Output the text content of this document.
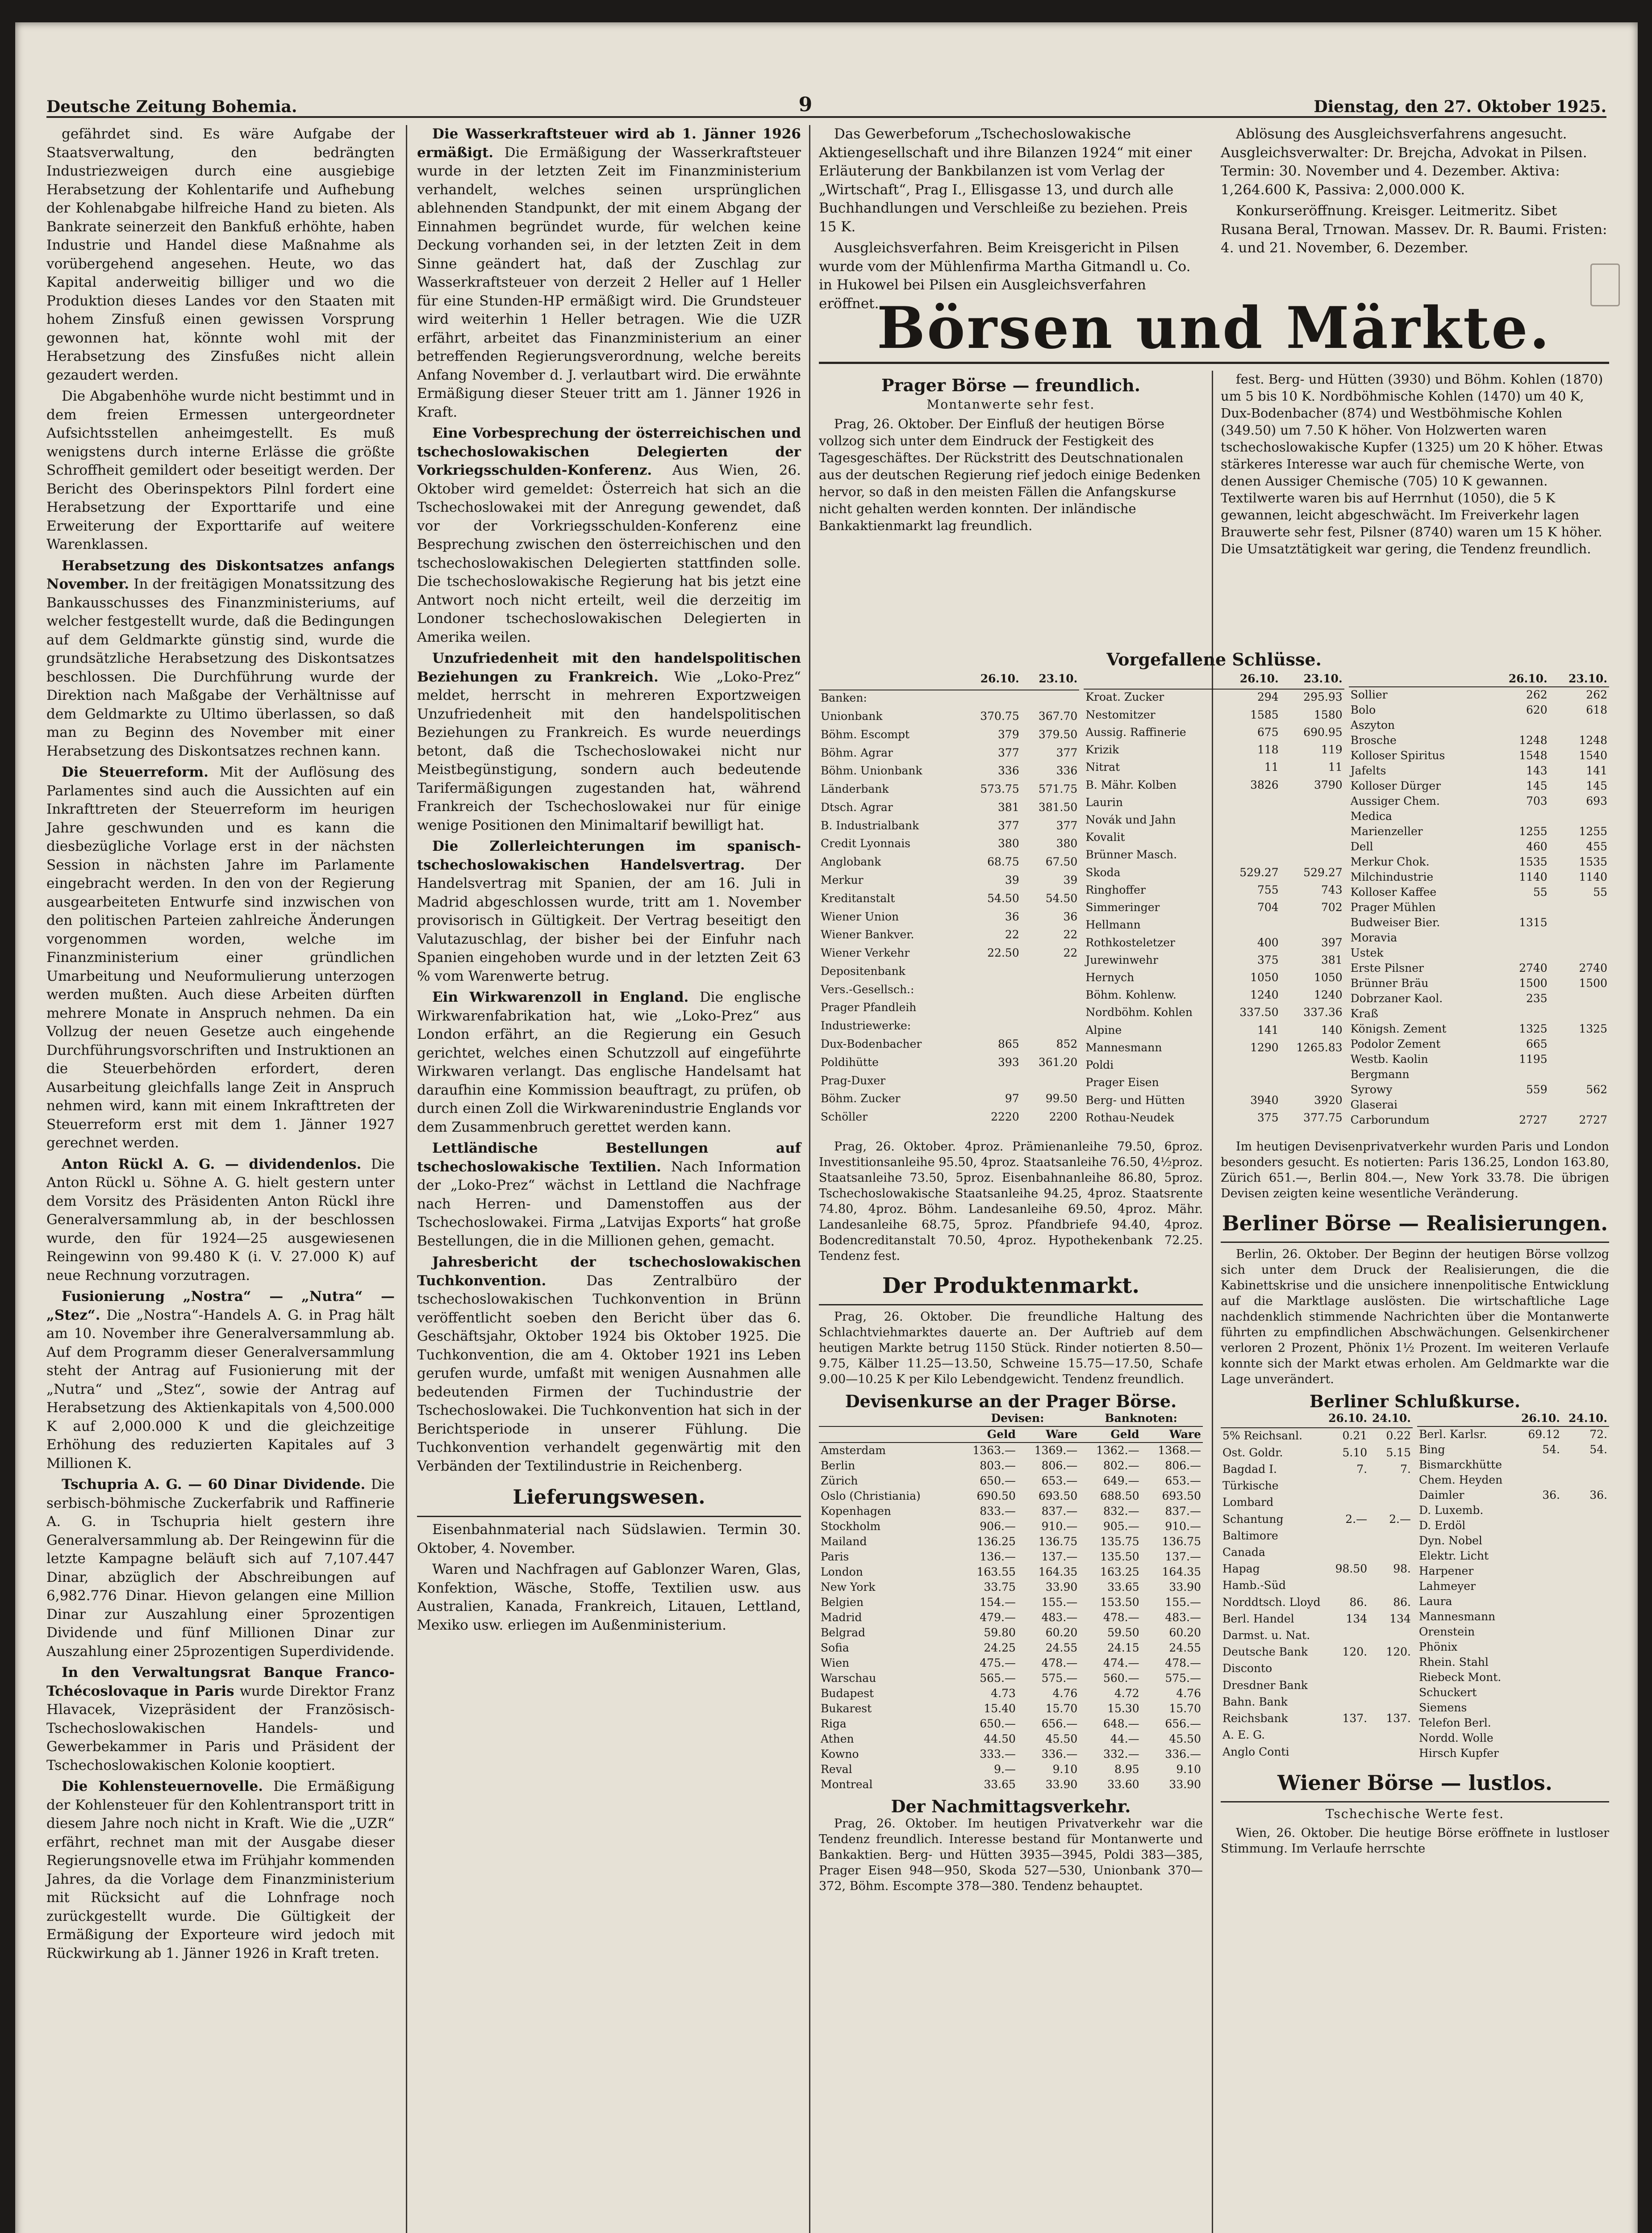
Deutsche Zeitung Bohemia.	9	Dienstag, den 27. Oktober 1925.

gefährdet sind. Es wäre Aufgabe der Staatsverwaltung, den bedrängten Industriezweigen durch eine ausgiebige Herabsetzung der Kohlentarife und Aufhebung der Kohlenabgabe hilfreiche Hand zu bieten. Als Bankrate seinerzeit den Bankfuß erhöhte, haben Industrie und Handel diese Maßnahme als vorübergehend angesehen. Heute, wo das Kapital anderweitig billiger und wo die Produktion dieses Landes vor den Staaten mit hohem Zinsfuß einen gewissen Vorsprung gewonnen hat, könnte wohl mit der Herabsetzung des Zinsfußes nicht allein gezaudert werden.

Die Abgabenhöhe wurde nicht bestimmt und in dem freien Ermessen untergeordneter Aufsichtsstellen anheimgestellt. Es muß wenigstens durch interne Erlässe die größte Schroffheit gemildert oder beseitigt werden. Der Bericht des Oberinspektors Pilnl fordert eine Herabsetzung der Exporttarife und eine Erweiterung der Exporttarife auf weitere Warenklassen.

Herabsetzung des Diskontsatzes anfangs November. In der freitägigen Monatssitzung des Bankausschusses des Finanzministeriums, auf welcher festgestellt wurde, daß die Bedingungen auf dem Geldmarkte günstig sind, wurde die grundsätzliche Herabsetzung des Diskontsatzes beschlossen. Die Durchführung wurde der Direktion nach Maßgabe der Verhältnisse auf dem Geldmarkte zu Ultimo überlassen, so daß man zu Beginn des November mit einer Herabsetzung des Diskontsatzes rechnen kann.

Die Steuerreform. Mit der Auflösung des Parlamentes sind auch die Aussichten auf ein Inkrafttreten der Steuerreform im heurigen Jahre geschwunden und es kann die diesbezügliche Vorlage erst in der nächsten Session in nächsten Jahre im Parlamente eingebracht werden. In den von der Regierung ausgearbeiteten Entwurfe sind inzwischen von den politischen Parteien zahlreiche Änderungen vorgenommen worden, welche im Finanzministerium einer gründlichen Umarbeitung und Neuformulierung unterzogen werden mußten. Auch diese Arbeiten dürften mehrere Monate in Anspruch nehmen. Da ein Vollzug der neuen Gesetze auch eingehende Durchführungsvorschriften und Instruktionen an die Steuerbehörden erfordert, deren Ausarbeitung gleichfalls lange Zeit in Anspruch nehmen wird, kann mit einem Inkrafttreten der Steuerreform erst mit dem 1. Jänner 1927 gerechnet werden.

Anton Rückl A. G. — dividendenlos. Die Anton Rückl u. Söhne A. G. hielt gestern unter dem Vorsitz des Präsidenten Anton Rückl ihre Generalversammlung ab, in der beschlossen wurde, den für 1924—25 ausgewiesenen Reingewinn von 99.480 K (i. V. 27.000 K) auf neue Rechnung vorzutragen.

Fusionierung „Nostra“ — „Nutra“ — „Stez“. Die „Nostra“-Handels A. G. in Prag hält am 10. November ihre Generalversammlung ab. Auf dem Programm dieser Generalversammlung steht der Antrag auf Fusionierung mit der „Nutra“ und „Stez“, sowie der Antrag auf Herabsetzung des Aktienkapitals von 4,500.000 K auf 2,000.000 K und die gleichzeitige Erhöhung des reduzierten Kapitales auf 3 Millionen K.

Tschupria A. G. — 60 Dinar Dividende. Die serbisch-böhmische Zuckerfabrik und Raffinerie A. G. in Tschupria hielt gestern ihre Generalversammlung ab. Der Reingewinn für die letzte Kampagne beläuft sich auf 7,107.447 Dinar, abzüglich der Abschreibungen auf 6,982.776 Dinar. Hievon gelangen eine Million Dinar zur Auszahlung einer 5prozentigen Dividende und fünf Millionen Dinar zur Auszahlung einer 25prozentigen Superdividende.

In den Verwaltungsrat Banque Franco-Tchécoslovaque in Paris wurde Direktor Franz Hlavacek, Vizepräsident der Französisch-Tschechoslowakischen Handels- und Gewerbekammer in Paris und Präsident der Tschechoslowakischen Kolonie kooptiert.

Die Kohlensteuernovelle. Die Ermäßigung der Kohlensteuer für den Kohlentransport tritt in diesem Jahre noch nicht in Kraft. Wie die „UZR“ erfährt, rechnet man mit der Ausgabe dieser Regierungsnovelle etwa im Frühjahr kommenden Jahres, da die Vorlage dem Finanzministerium mit Rücksicht auf die Lohnfrage noch zurückgestellt wurde. Die Gültigkeit der Ermäßigung der Exporteure wird jedoch mit Rückwirkung ab 1. Jänner 1926 in Kraft treten.

Die Wasserkraftsteuer wird ab 1. Jänner 1926 ermäßigt. Die Ermäßigung der Wasserkraftsteuer wurde in der letzten Zeit im Finanzministerium verhandelt, welches seinen ursprünglichen ablehnenden Standpunkt, der mit einem Abgang der Einnahmen begründet wurde, für welchen keine Deckung vorhanden sei, in der letzten Zeit in dem Sinne geändert hat, daß der Zuschlag zur Wasserkraftsteuer von derzeit 2 Heller auf 1 Heller für eine Stunden-HP ermäßigt wird. Die Grundsteuer wird weiterhin 1 Heller betragen. Wie die UZR erfährt, arbeitet das Finanzministerium an einer betreffenden Regierungsverordnung, welche bereits Anfang November d. J. verlautbart wird. Die erwähnte Ermäßigung dieser Steuer tritt am 1. Jänner 1926 in Kraft.

Eine Vorbesprechung der österreichischen und tschechoslowakischen Delegierten der Vorkriegsschulden-Konferenz. Aus Wien, 26. Oktober wird gemeldet: Österreich hat sich an die Tschechoslowakei mit der Anregung gewendet, daß vor der Vorkriegsschulden-Konferenz eine Besprechung zwischen den österreichischen und den tschechoslowakischen Delegierten stattfinden solle. Die tschechoslowakische Regierung hat bis jetzt eine Antwort noch nicht erteilt, weil die derzeitig im Londoner tschechoslowakischen Delegierten in Amerika weilen.

Unzufriedenheit mit den handelspolitischen Beziehungen zu Frankreich. Wie „Loko-Prez“ meldet, herrscht in mehreren Exportzweigen Unzufriedenheit mit den handelspolitischen Beziehungen zu Frankreich. Es wurde neuerdings betont, daß die Tschechoslowakei nicht nur Meistbegünstigung, sondern auch bedeutende Tarifermäßigungen zugestanden hat, während Frankreich der Tschechoslowakei nur für einige wenige Positionen den Minimaltarif bewilligt hat.

Die Zollerleichterungen im spanisch-tschechoslowakischen Handelsvertrag. Der Handelsvertrag mit Spanien, der am 16. Juli in Madrid abgeschlossen wurde, tritt am 1. November provisorisch in Gültigkeit. Der Vertrag beseitigt den Valutazuschlag, der bisher bei der Einfuhr nach Spanien eingehoben wurde und in der letzten Zeit 63 % vom Warenwerte betrug.

Ein Wirkwarenzoll in England. Die englische Wirkwarenfabrikation hat, wie „Loko-Prez“ aus London erfährt, an die Regierung ein Gesuch gerichtet, welches einen Schutzzoll auf eingeführte Wirkwaren verlangt. Das englische Handelsamt hat daraufhin eine Kommission beauftragt, zu prüfen, ob durch einen Zoll die Wirkwarenindustrie Englands vor dem Zusammenbruch gerettet werden kann.

Lettländische Bestellungen auf tschechoslowakische Textilien. Nach Information der „Loko-Prez“ wächst in Lettland die Nachfrage nach Herren- und Damenstoffen aus der Tschechoslowakei. Firma „Latvijas Exports“ hat große Bestellungen, die in die Millionen gehen, gemacht.

Jahresbericht der tschechoslowakischen Tuchkonvention.	Das Zentralbüro der tschechoslowakischen Tuchkonvention in Brünn veröffentlicht soeben den Bericht über das 6. Geschäftsjahr, Oktober 1924 bis Oktober 1925. Die Tuchkonvention, die am 4. Oktober 1921 ins Leben gerufen wurde, umfaßt mit wenigen Ausnahmen alle bedeutenden Firmen der Tuchindustrie der Tschechoslowakei. Die Tuchkonvention hat sich in der Berichtsperiode in unserer Fühlung. Die Tuchkonvention verhandelt gegenwärtig mit den Verbänden der Textilindustrie in Reichenberg.

Lieferungswesen.

Eisenbahnmaterial nach Südslawien. Termin 30. Oktober, 4. November.

Waren und Nachfragen auf Gablonzer Waren, Glas, Konfektion, Wäsche, Stoffe, Textilien usw. aus Australien, Kanada, Frankreich, Litauen, Lettland, Mexiko usw. erliegen im Außenministerium.

Das Gewerbeforum „Tschechoslowakische Aktiengesellschaft und ihre Bilanzen 1924“ mit einer Erläuterung der Bankbilanzen ist vom Verlag der „Wirtschaft“, Prag I., Ellisgasse 13, und durch alle Buchhandlungen und Verschleiße zu beziehen. Preis 15 K.

Ausgleichsverfahren. Beim Kreisgericht in Pilsen wurde vom der Mühlenfirma Martha Gitmandl u. Co. in Hukowel bei Pilsen ein Ausgleichsverfahren eröffnet.

Ablösung des Ausgleichsverfahrens angesucht. Ausgleichsverwalter: Dr. Brejcha, Advokat in Pilsen. Termin: 30. November und 4. Dezember. Aktiva: 1,264.600 K, Passiva: 2,000.000 K.

Konkurseröffnung. Kreisger. Leitmeritz. Sibet Rusana Beral, Trnowan. Massev. Dr. R. Baumi. Fristen: 4. und 21. November, 6. Dezember.

Börsen und Märkte.
Prager Börse — freundlich.
Montanwerte sehr fest.

Prag, 26. Oktober. Der Einfluß der heutigen Börse vollzog sich unter dem Eindruck der Festigkeit des Tagesgeschäftes. Der Rückstritt des Deutschnationalen aus der deutschen Regierung rief jedoch einige Bedenken hervor, so daß in den meisten Fällen die Anfangskurse nicht gehalten werden konnten. Der inländische Bankaktienmarkt lag freundlich.

fest. Berg- und Hütten (3930) und Böhm. Kohlen (1870) um 5 bis 10 K. Nordböhmische Kohlen (1470) um 40 K, Dux-Bodenbacher (874) und Westböhmische Kohlen (349.50) um 7.50 K höher. Von Holzwerten waren tschechoslowakische Kupfer (1325) um 20 K höher. Etwas stärkeres Interesse war auch für chemische Werte, von denen Aussiger Chemische (705) 10 K gewannen. Textilwerte waren bis auf Herrnhut (1050), die 5 K gewannen, leicht abgeschwächt. Im Freiverkehr lagen Brauwerte sehr fest, Pilsner (8740) waren um 15 K höher. Die Umsatztätigkeit war gering, die Tendenz freundlich.

Vorgefallene Schlüsse.
	26.10.	23.10.
Banken:		
Unionbank	370.75	367.70
Böhm. Escompt	379	379.50
Böhm. Agrar	377	377
Böhm. Unionbank	336	336
Länderbank	573.75	571.75
Dtsch. Agrar	381	381.50
B. Industrialbank	377	377
Credit Lyonnais	380	380
Anglobank	68.75	67.50
Merkur	39	39
Kreditanstalt	54.50	54.50
Wiener Union	36	36
Wiener Bankver.	22	22
Wiener Verkehr	22.50	22
Depositenbank		
Vers.-Gesellsch.:		
Prager Pfandleih		
Industriewerke:		
Dux-Bodenbacher	865	852
Poldihütte	393	361.20
Prag-Duxer		
Böhm. Zucker	97	99.50
Schöller	2220	2200
	26.10.	23.10.
Kroat. Zucker	294	295.93
Nestomitzer	1585	1580
Aussig. Raffinerie	675	690.95
Krizik	118	119
Nitrat	11	11
B. Mähr. Kolben	3826	3790
Laurin		
Novák und Jahn		
Kovalit		
Brünner Masch.		
Skoda	529.27	529.27
Ringhoffer	755	743
Simmeringer	704	702
Hellmann		
Rothkosteletzer	400	397
Jurewinwehr	375	381
Hernych	1050	1050
Böhm. Kohlenw.	1240	1240
Nordböhm. Kohlen	337.50	337.36
Alpine	141	140
Mannesmann	1290	1265.83
Poldi		
Prager Eisen		
Berg- und Hütten	3940	3920
Rothau-Neudek	375	377.75
	26.10.	23.10.
Sollier	262	262
Bolo	620	618
Aszyton		
Brosche	1248	1248
Kolloser Spiritus	1548	1540
Jafelts	143	141
Kolloser Dürger	145	145
Aussiger Chem.	703	693
Medica		
Marienzeller	1255	1255
Dell	460	455
Merkur Chok.	1535	1535
Milchindustrie	1140	1140
Kolloser Kaffee	55	55
Prager Mühlen		
Budweiser Bier.	1315	
Moravia		
Ustek		
Erste Pilsner	2740	2740
Brünner Bräu	1500	1500
Dobrzaner Kaol.	235	
Kraß		
Königsh. Zement	1325	1325
Podolor Zement	665	
Westb. Kaolin	1195	
Bergmann		
Syrowy	559	562
Glaserai		
Carborundum	2727	2727

Prag, 26. Oktober. 4proz. Prämienanleihe 79.50, 6proz. Investitionsanleihe 95.50, 4proz. Staatsanleihe 76.50, 4½proz. Staatsanleihe 73.50, 5proz. Eisenbahnanleihe 86.80, 5proz. Tschechoslowakische Staatsanleihe 94.25, 4proz. Staatsrente 74.80, 4proz. Böhm. Landesanleihe 69.50, 4proz. Mähr. Landesanleihe 68.75, 5proz. Pfandbriefe 94.40, 4proz. Bodencreditanstalt 70.50, 4proz. Hypothekenbank 72.25. Tendenz fest.

Der Produktenmarkt.

Prag, 26. Oktober. Die freundliche Haltung des Schlachtviehmarktes dauerte an. Der Auftrieb auf dem heutigen Markte betrug 1150 Stück. Rinder notierten 8.50—9.75, Kälber 11.25—13.50, Schweine 15.75—17.50, Schafe 9.00—10.25 K per Kilo Lebendgewicht. Tendenz freundlich.

Devisenkurse an der Prager Börse.
	Devisen:		Banknoten:	
	Geld	Ware	Geld	Ware
Amsterdam	1363.—	1369.—	1362.—	1368.—
Berlin	803.—	806.—	802.—	806.—
Zürich	650.—	653.—	649.—	653.—
Oslo (Christiania)	690.50	693.50	688.50	693.50
Kopenhagen	833.—	837.—	832.—	837.—
Stockholm	906.—	910.—	905.—	910.—
Mailand	136.25	136.75	135.75	136.75
Paris	136.—	137.—	135.50	137.—
London	163.55	164.35	163.25	164.35
New York	33.75	33.90	33.65	33.90
Belgien	154.—	155.—	153.50	155.—
Madrid	479.—	483.—	478.—	483.—
Belgrad	59.80	60.20	59.50	60.20
Sofia	24.25	24.55	24.15	24.55
Wien	475.—	478.—	474.—	478.—
Warschau	565.—	575.—	560.—	575.—
Budapest	4.73	4.76	4.72	4.76
Bukarest	15.40	15.70	15.30	15.70
Riga	650.—	656.—	648.—	656.—
Athen	44.50	45.50	44.—	45.50
Kowno	333.—	336.—	332.—	336.—
Reval	9.—	9.10	8.95	9.10
Montreal	33.65	33.90	33.60	33.90
Der Nachmittagsverkehr.

Prag, 26. Oktober. Im heutigen Privatverkehr war die Tendenz freundlich. Interesse bestand für Montanwerte und Bankaktien. Berg- und Hütten 3935—3945, Poldi 383—385, Prager Eisen 948—950, Skoda 527—530, Unionbank 370—372, Böhm. Escompte 378—380. Tendenz behauptet.

Im heutigen Devisenprivatverkehr wurden Paris und London besonders gesucht. Es notierten: Paris 136.25, London 163.80, Zürich 651.—, Berlin 804.—, New York 33.78. Die übrigen Devisen zeigten keine wesentliche Veränderung.

Berliner Börse — Realisierungen.

Berlin, 26. Oktober. Der Beginn der heutigen Börse vollzog sich unter dem Druck der Realisierungen, die die Kabinettskrise und die unsichere innenpolitische Entwicklung auf die Marktlage auslösten. Die wirtschaftliche Lage nachdenklich stimmende Nachrichten über die Montanwerte führten zu empfindlichen Abschwächungen. Gelsenkirchener verloren 2 Prozent, Phönix 1½ Prozent. Im weiteren Verlaufe konnte sich der Markt etwas erholen. Am Geldmarkte war die Lage unverändert.

Berliner Schlußkurse.
	26.10.	24.10.
5% Reichsanl.	0.21	0.22
Ost. Goldr.	5.10	5.15
Bagdad I.	7.	7.
Türkische		
Lombard		
Schantung	2.—	2.—
Baltimore		
Canada		
Hapag	98.50	98.
Hamb.-Süd		
Norddtsch. Lloyd	86.	86.
Berl. Handel	134	134
Darmst. u. Nat.		
Deutsche Bank	120.	120.
Disconto		
Dresdner Bank		
Bahn. Bank		
Reichsbank	137.	137.
A. E. G.		
Anglo Conti		
	26.10.	24.10.
Berl. Karlsr.	69.12	72.
Bing	54.	54.
Bismarckhütte		
Chem. Heyden		
Daimler	36.	36.
D. Luxemb.		
D. Erdöl		
Dyn. Nobel		
Elektr. Licht		
Harpener		
Lahmeyer		
Laura		
Mannesmann		
Orenstein		
Phönix		
Rhein. Stahl		
Riebeck Mont.		
Schuckert		
Siemens		
Telefon Berl.		
Nordd. Wolle		
Hirsch Kupfer		
Wiener Börse — lustlos.
Tschechische Werte fest.

Wien, 26. Oktober. Die heutige Börse eröffnete in lustloser Stimmung. Im Verlaufe herrschte
